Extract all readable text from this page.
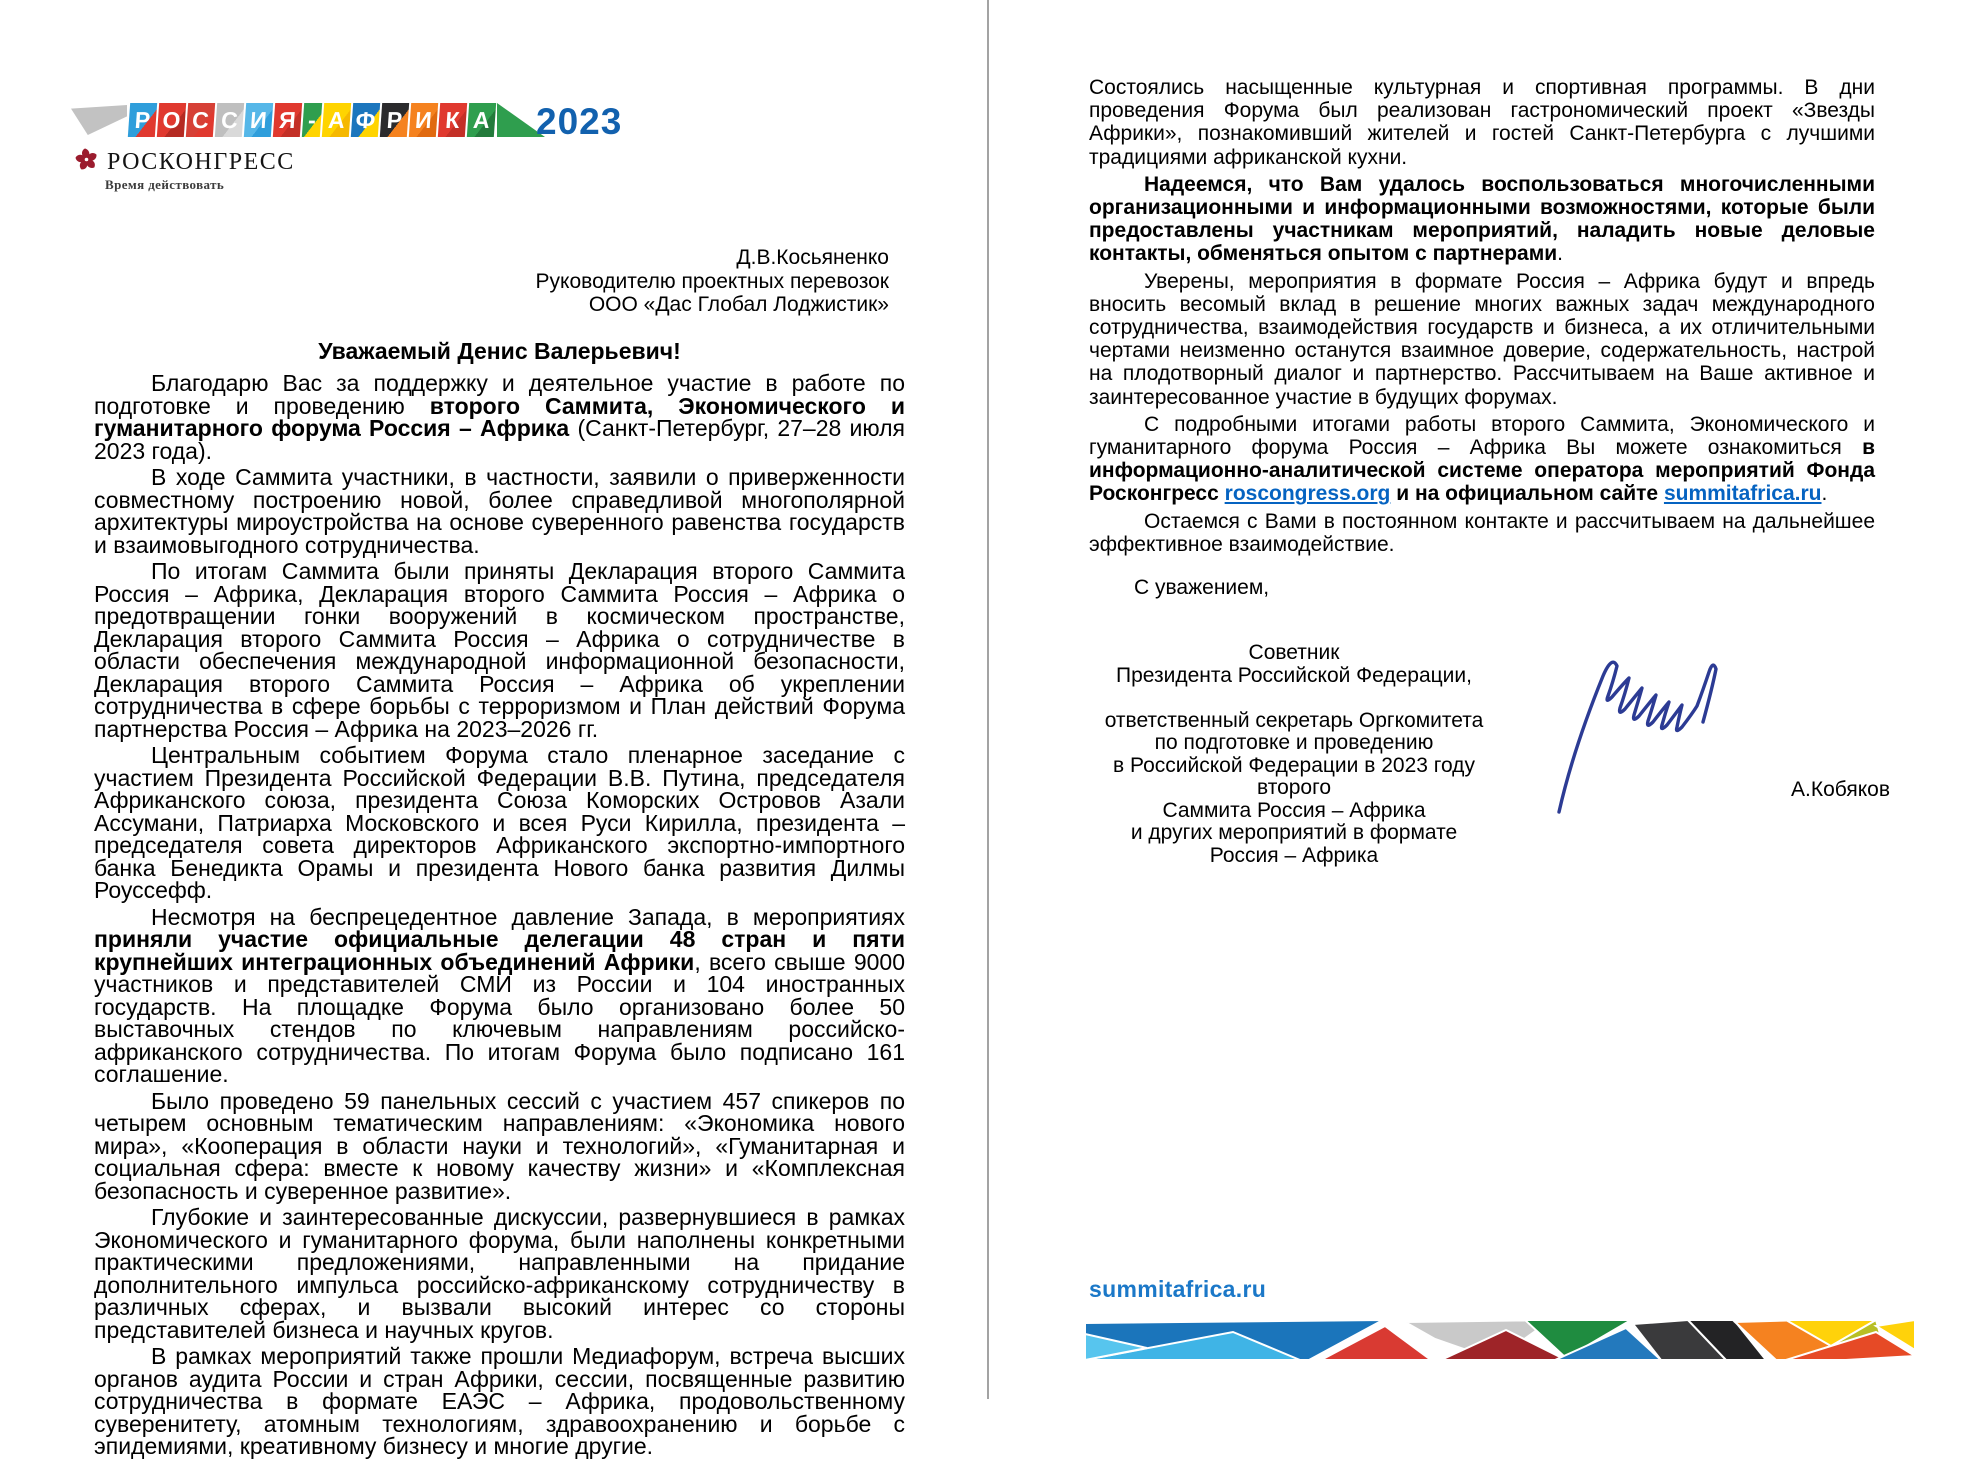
Р О С С И Я - А Ф Р И К А 2023
РОСКОНГРЕСС
Время действовать
Д.В.Косьяненко
Руководителю проектных перевозок
ООО «Дас Глобал Лоджистик»
Уважаемый Денис Валерьевич!

Благодарю Вас за поддержку и деятельное участие в работе по подготовке и проведению второго Саммита, Экономического и гуманитарного форума Россия – Африка (Санкт-Петербург, 27–28 июля 2023 года).

В ходе Саммита участники, в частности, заявили о приверженности совместному построению новой, более справедливой многополярной архитектуры мироустройства на основе суверенного равенства государств и взаимовыгодного сотрудничества.

По итогам Саммита были приняты Декларация второго Саммита Россия – Африка, Декларация второго Саммита Россия – Африка о предотвращении гонки вооружений в космическом пространстве, Декларация второго Саммита Россия – Африка о сотрудничестве в области обеспечения международной информационной безопасности, Декларация второго Саммита Россия – Африка об укреплении сотрудничества в сфере борьбы с терроризмом и План действий Форума партнерства Россия – Африка на 2023–2026 гг.

Центральным событием Форума стало пленарное заседание с участием Президента Российской Федерации В.В. Путина, председателя Африканского союза, президента Союза Коморских Островов Азали Ассумани, Патриарха Московского и всея Руси Кирилла, президента – председателя совета директоров Африканского экспортно-импортного банка Бенедикта Орамы и президента Нового банка развития Дилмы Роуссефф.

Несмотря на беспрецедентное давление Запада, в мероприятиях приняли участие официальные делегации 48 стран и пяти крупнейших интеграционных объединений Африки, всего свыше 9000 участников и представителей СМИ из России и 104 иностранных государств. На площадке Форума было организовано более 50 выставочных стендов по ключевым направлениям российско-африканского сотрудничества. По итогам Форума было подписано 161 соглашение.

Было проведено 59 панельных сессий с участием 457 спикеров по четырем основным тематическим направлениям: «Экономика нового мира», «Кооперация в области науки и технологий», «Гуманитарная и социальная сфера: вместе к новому качеству жизни» и «Комплексная безопасность и суверенное развитие».

Глубокие и заинтересованные дискуссии, развернувшиеся в рамках Экономического и гуманитарного форума, были наполнены конкретными практическими предложениями, направленными на придание дополнительного импульса российско-африканскому сотрудничеству в различных сферах, и вызвали высокий интерес со стороны представителей бизнеса и научных кругов.

В рамках мероприятий также прошли Медиафорум, встреча высших органов аудита России и стран Африки, сессии, посвященные развитию сотрудничества в формате ЕАЭС – Африка, продовольственному суверенитету, атомным технологиям, здравоохранению и борьбе с эпидемиями, креативному бизнесу и многие другие.

Состоялись насыщенные культурная и спортивная программы. В дни проведения Форума был реализован гастрономический проект «Звезды Африки», познакомивший жителей и гостей Санкт-Петербурга с лучшими традициями африканской кухни.

Надеемся, что Вам удалось воспользоваться многочисленными организационными и информационными возможностями, которые были предоставлены участникам мероприятий, наладить новые деловые контакты, обменяться опытом с партнерами.

Уверены, мероприятия в формате Россия – Африка будут и впредь вносить весомый вклад в решение многих важных задач международного сотрудничества, взаимодействия государств и бизнеса, а их отличительными чертами неизменно останутся взаимное доверие, содержательность, настрой на плодотворный диалог и партнерство. Рассчитываем на Ваше активное и заинтересованное участие в будущих форумах.

С подробными итогами работы второго Саммита, Экономического и гуманитарного форума Россия – Африка Вы можете ознакомиться в информационно-аналитической системе оператора мероприятий Фонда Росконгресс roscongress.org и на официальном сайте summitafrica.ru.

Остаемся с Вами в постоянном контакте и рассчитываем на дальнейшее эффективное взаимодействие.

С уважением,
Советник
Президента Российской Федерации,
ответственный секретарь Оргкомитета
по подготовке и проведению
в Российской Федерации в 2023 году второго
Саммита Россия – Африка
и других мероприятий в формате
Россия – Африка
А.Кобяков
summitafrica.ru
